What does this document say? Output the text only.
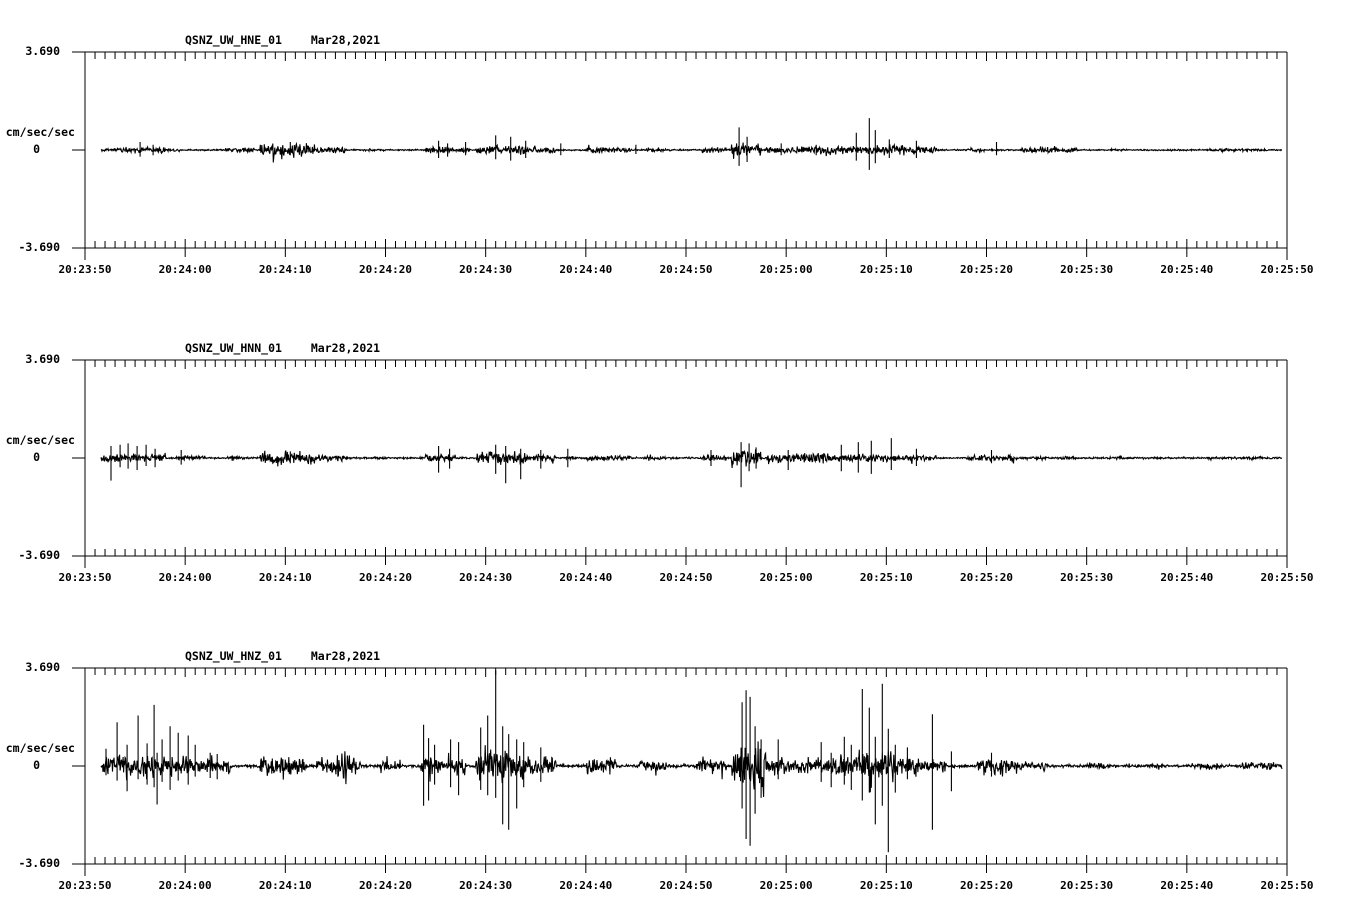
QSNZ_UW_HNE_01	Mar28,2021
3.690
cm/sec/sec
0
-3.690
20:23:50	20:24:00	20:24:10	20:24:20	20:24:30	20:24:40	20:24:50	20:25:00	20:25:10	20:25:20	20:25:30	20:25:40	20:25:50
QSNZ_UW_HNN_01	Mar28,2021
3.690
cm/sec/sec
0
-3.690
20:23:50	20:24:00	20:24:10	20:24:20	20:24:30	20:24:40	20:24:50	20:25:00	20:25:10	20:25:20	20:25:30	20:25:40	20:25:50
QSNZ_UW_HNZ_01	Mar28,2021
3.690
cm/sec/sec
0
-3.690
20:23:50	20:24:00	20:24:10	20:24:20	20:24:30	20:24:40	20:24:50	20:25:00	20:25:10	20:25:20	20:25:30	20:25:40	20:25:50
